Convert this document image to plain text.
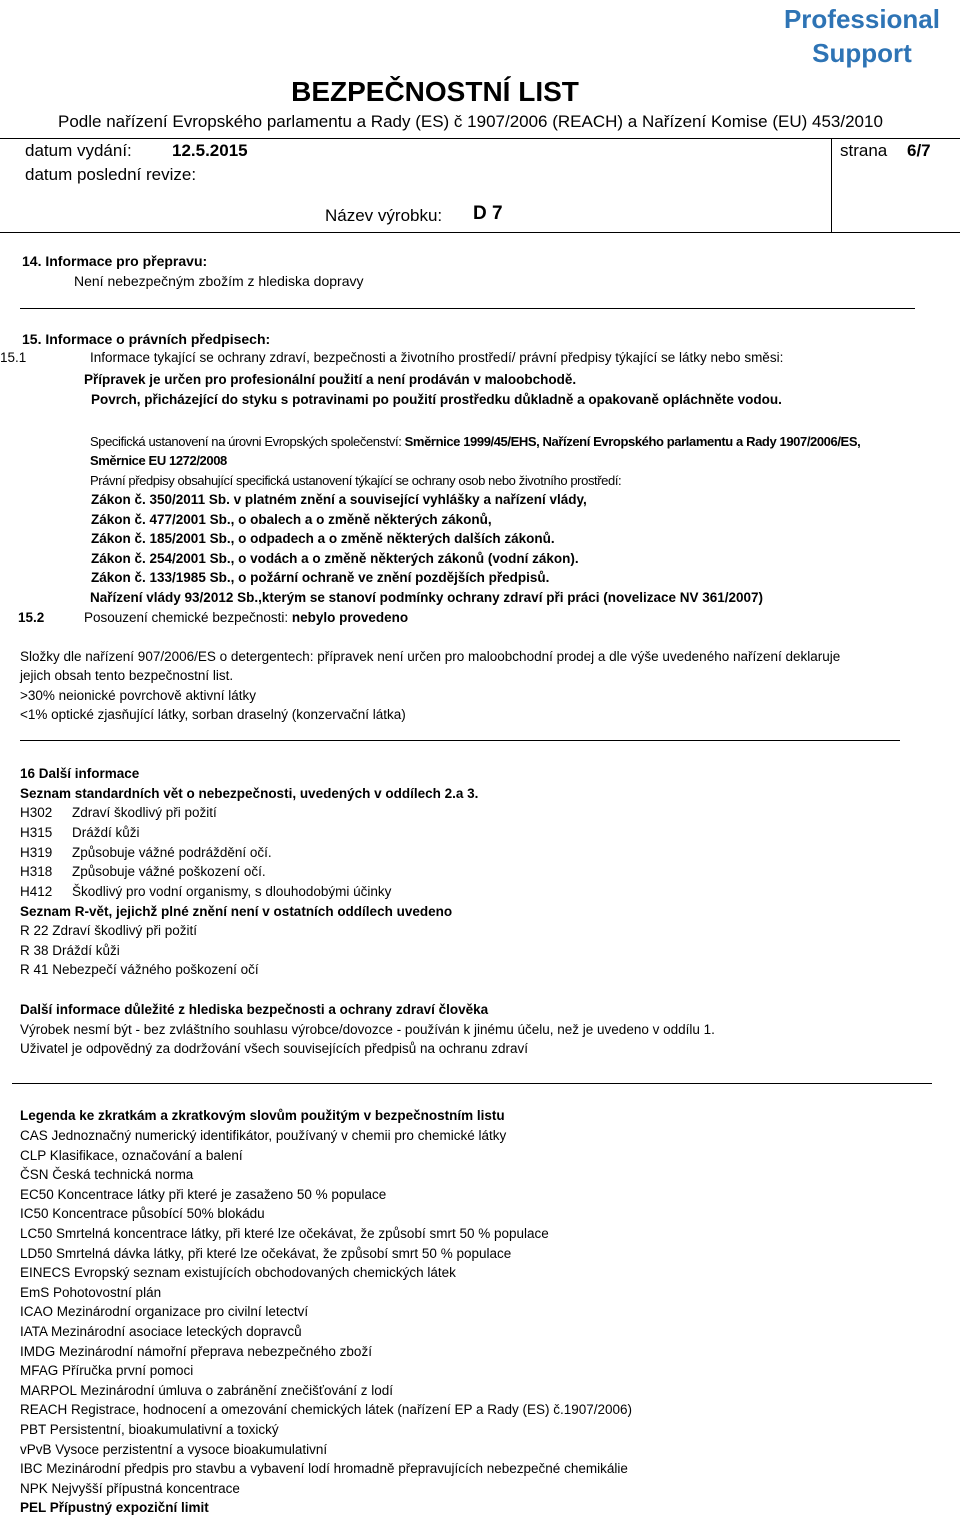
Professional
Support
BEZPEČNOSTNÍ LIST
Podle nařízení Evropského parlamentu a Rady (ES) č 1907/2006 (REACH) a Nařízení Komise (EU) 453/2010
datum vydání: 12.5.2015
datum poslední revize:
strana 6/7
Název výrobku: D 7
14. Informace pro přepravu:
Není nebezpečným zbožím z hlediska dopravy
15. Informace o právních předpisech:
15.1	Informace tykající se ochrany zdraví, bezpečnosti a životního prostředí/ právní předpisy týkající se látky nebo směsi:
Přípravek je určen pro profesionální použití a není prodáván v maloobchodě.
Povrch, přicházející do styku s potravinami po použití prostředku důkladně a opakovaně opláchněte vodou.
Specifická ustanovení na úrovni Evropských společenství: Směrnice 1999/45/EHS, Nařízení Evropského parlamentu a Rady 1907/2006/ES,
Směrnice EU 1272/2008
Právní předpisy obsahující specifická ustanovení týkající se ochrany osob nebo životního prostředí:
Zákon č. 350/2011 Sb. v platném znění a související vyhlášky a nařízení vlády,
Zákon č. 477/2001 Sb., o obalech a o změně některých zákonů,
Zákon č. 185/2001 Sb., o odpadech a o změně některých dalších zákonů.
Zákon č. 254/2001 Sb., o vodách a o změně některých zákonů (vodní zákon).
Zákon č. 133/1985 Sb., o požární ochraně ve znění pozdějších předpisů.
Nařízení vlády 93/2012 Sb.,kterým se stanoví podmínky ochrany zdraví při práci (novelizace NV 361/2007)
15.2	Posouzení chemické bezpečnosti: nebylo provedeno
Složky dle nařízení 907/2006/ES o detergentech: přípravek není určen pro maloobchodní prodej a dle výše uvedeného nařízení deklaruje
jejich obsah tento bezpečnostní list.
>30% neionické povrchově aktivní látky
<1% optické zjasňující látky, sorban draselný (konzervační látka)
16 Další informace
Seznam standardních vět o nebezpečnosti, uvedených v oddílech 2.a 3.
H302 Zdraví škodlivý při požití
H315 Dráždí kůži
H319 Způsobuje vážné podráždění očí.
H318 Způsobuje vážné poškození očí.
H412 Škodlivý pro vodní organismy, s dlouhodobými účinky
Seznam R-vět, jejichž plné znění není v ostatních oddílech uvedeno
R 22 Zdraví škodlivý při požití
R 38 Dráždí kůži
R 41 Nebezpečí vážného poškození očí
Další informace důležité z hlediska bezpečnosti a ochrany zdraví člověka
Výrobek nesmí být - bez zvláštního souhlasu výrobce/dovozce - používán k jinému účelu, než je uvedeno v oddílu 1.
Uživatel je odpovědný za dodržování všech souvisejících předpisů na ochranu zdraví
Legenda ke zkratkám a zkratkovým slovům použitým v bezpečnostním listu
CAS Jednoznačný numerický identifikátor, používaný v chemii pro chemické látky
CLP Klasifikace, označování a balení
ČSN Česká technická norma
EC50 Koncentrace látky při které je zasaženo 50 % populace
IC50 Koncentrace působící 50% blokádu
LC50 Smrtelná koncentrace látky, při které lze očekávat, že způsobí smrt 50 % populace
LD50 Smrtelná dávka látky, při které lze očekávat, že způsobí smrt 50 % populace
EINECS Evropský seznam existujících obchodovaných chemických látek
EmS Pohotovostní plán
ICAO Mezinárodní organizace pro civilní letectví
IATA Mezinárodní asociace leteckých dopravců
IMDG Mezinárodní námořní přeprava nebezpečného zboží
MFAG Příručka první pomoci
MARPOL Mezinárodní úmluva o zabránění znečišťování z lodí
REACH Registrace, hodnocení a omezování chemických látek (nařízení EP a Rady (ES) č.1907/2006)
PBT Persistentní, bioakumulativní a toxický
vPvB Vysoce perzistentní a vysoce bioakumulativní
IBC Mezinárodní předpis pro stavbu a vybavení lodí hromadně přepravujících nebezpečné chemikálie
NPK Nejvyšší přípustná koncentrace
PEL Přípustný expoziční limit
